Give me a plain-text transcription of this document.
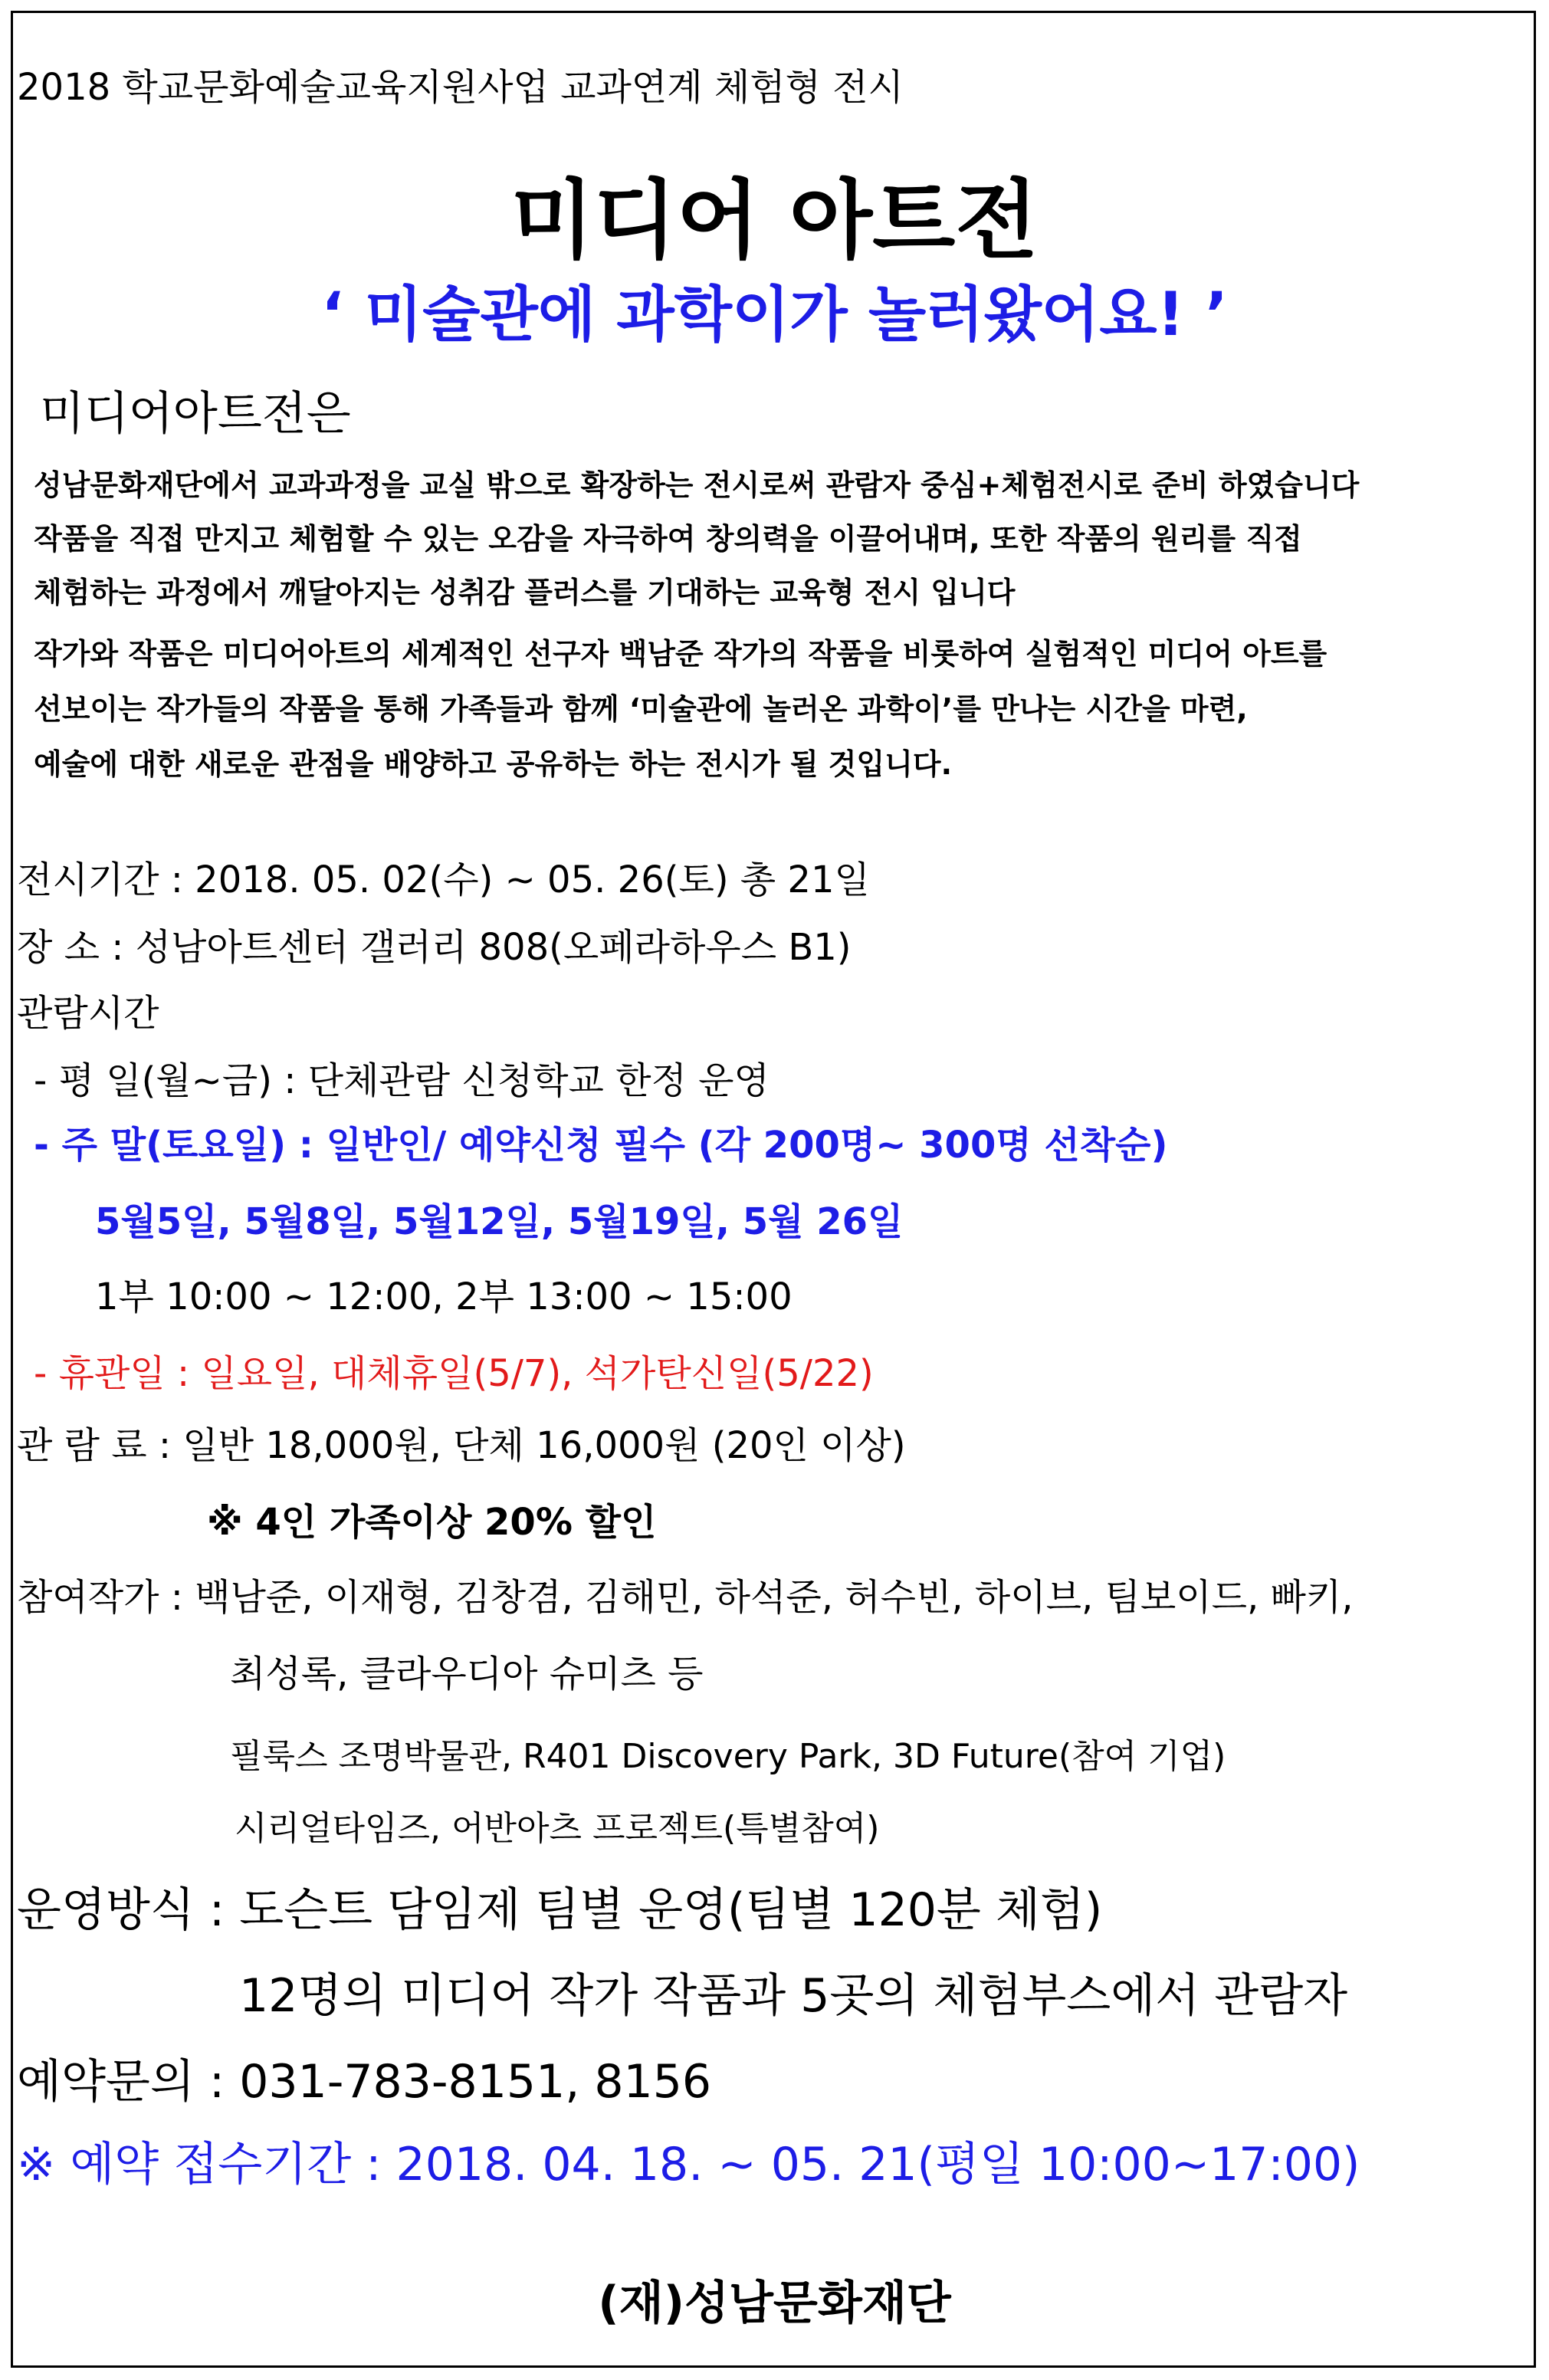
2018 학교문화예술교육지원사업 교과연계 체험형 전시
미디어 아트전
‘ 미술관에 과학이가 놀러왔어요! ’
미디어아트전은
성남문화재단에서 교과과정을 교실 밖으로 확장하는 전시로써 관람자 중심+체험전시로 준비 하였습니다
작품을 직접 만지고 체험할 수 있는 오감을 자극하여 창의력을 이끌어내며, 또한 작품의 원리를 직접
체험하는 과정에서 깨달아지는 성취감 플러스를 기대하는 교육형 전시 입니다
작가와 작품은 미디어아트의 세계적인 선구자 백남준 작가의 작품을 비롯하여 실험적인 미디어 아트를
선보이는 작가들의 작품을 통해 가족들과 함께 ‘미술관에 놀러온 과학이’를 만나는 시간을 마련,
예술에 대한 새로운 관점을 배양하고 공유하는 하는 전시가 될 것입니다.
전시기간 : 2018. 05. 02(수) ~ 05. 26(토) 총 21일
장 소 : 성남아트센터 갤러리 808(오페라하우스 B1)
관람시간
- 평 일(월~금) : 단체관람 신청학교 한정 운영
- 주 말(토요일) : 일반인/ 예약신청 필수 (각 200명~ 300명 선착순)
5월5일, 5월8일, 5월12일, 5월19일, 5월 26일
1부 10:00 ~ 12:00, 2부 13:00 ~ 15:00
- 휴관일 : 일요일, 대체휴일(5/7), 석가탄신일(5/22)
관 람 료 : 일반 18,000원, 단체 16,000원 (20인 이상)
※ 4인 가족이상 20% 할인
참여작가 : 백남준, 이재형, 김창겸, 김해민, 하석준, 허수빈, 하이브, 팀보이드, 빠키,
최성록, 클라우디아 슈미츠 등
필룩스 조명박물관, R401 Discovery Park, 3D Future(참여 기업)
시리얼타임즈, 어반아츠 프로젝트(특별참여)
운영방식 : 도슨트 담임제 팀별 운영(팀별 120분 체험)
12명의 미디어 작가 작품과 5곳의 체험부스에서 관람자
예약문의 : 031-783-8151, 8156
※ 예약 접수기간 : 2018. 04. 18. ~ 05. 21(평일 10:00~17:00)
(재)성남문화재단
